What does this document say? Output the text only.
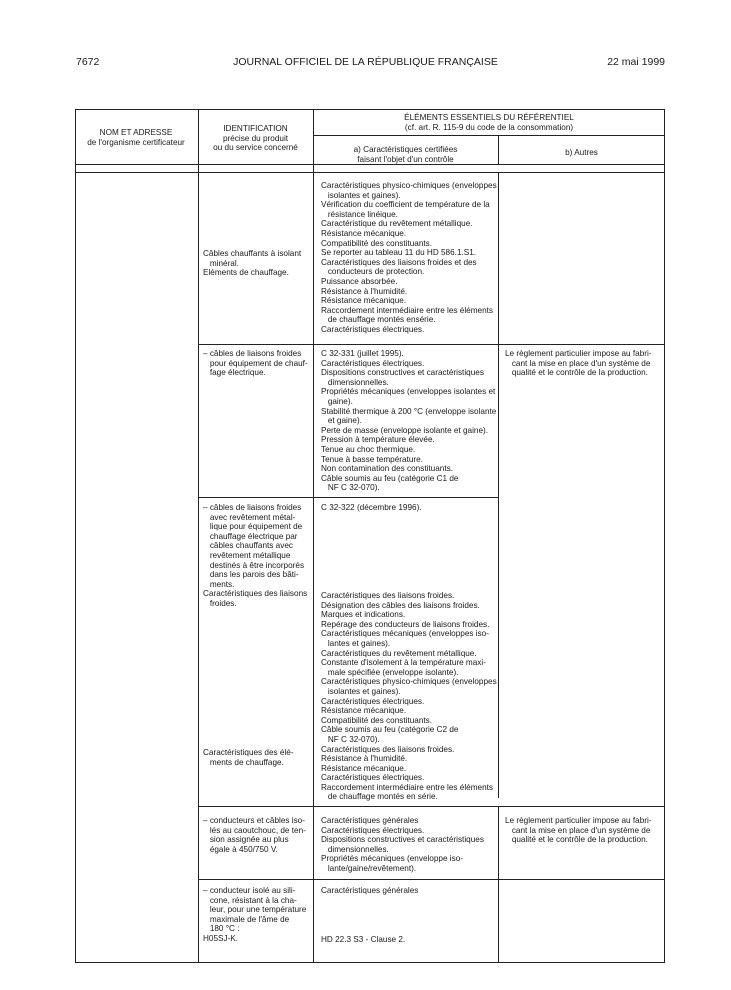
7672	JOURNAL OFFICIEL DE LA RÉPUBLIQUE FRANÇAISE	22 mai 1999
NOM ET ADRESSE
de l'organisme certificateur
IDENTIFICATION
précise du produit
ou du service concerné
ÉLÉMENTS ESSENTIELS DU RÉFÉRENTIEL
(cf. art. R. 115-9 du code de la consommation)
a) Caractéristiques certifiées
faisant l'objet d'un contrôle
b) Autres
Câbles chauffants à isolant
minéral.
Eléments de chauffage.
Caractéristiques physico-chimiques (enveloppes
isolantes et gaines).
Vérification du coefficient de température de la
résistance linéique.
Caractéristique du revêtement métallique.
Résistance mécanique.
Compatibilité des constituants.
Se reporter au tableau 11 du HD 586.1.S1.
Caractéristiques des liaisons froides et des
conducteurs de protection.
Puissance absorbée.
Résistance à l'humidité.
Résistance mécanique.
Raccordement intermédiaire entre les éléments
de chauffage montés ensérie.
Caractéristiques électriques.
– câbles de liaisons froides
pour équipement de chauf-
fage électrique.
C 32-331 (juillet 1995).
Caractéristiques électriques.
Dispositions constructives et caractéristiques
dimensionnelles.
Propriétés mécaniques (enveloppes isolantes et
gaine).
Stabilité thermique à 200 °C (enveloppe isolante
et gaine).
Perte de masse (enveloppe isolante et gaine).
Pression à température élevée.
Tenue au choc thermique.
Tenue à basse température.
Non contamination des constituants.
Câble soumis au feu (catégorie C1 de
NF C 32-070).
Le règlement particulier impose au fabri-
cant la mise en place d'un système de
qualité et le contrôle de la production.
– câbles de liaisons froides
avec revêtement métal-
lique pour équipement de
chauffage électrique par
câbles chauffants avec
revêtement métallique
destinés à être incorporés
dans les parois des bâti-
ments.
Caractéristiques des liaisons
froides.
Caractéristiques des élé-
ments de chauffage.
C 32-322 (décembre 1996).
Caractéristiques des liaisons froides.
Désignation des câbles des liaisons froides.
Marques et indications.
Repérage des conducteurs de liaisons froides.
Caractéristiques mécaniques (enveloppes iso-
lantes et gaines).
Caractéristiques du revêtement métallique.
Constante d'isolement à la température maxi-
male spécifiée (enveloppe isolante).
Caractéristiques physico-chimiques (enveloppes
isolantes et gaines).
Caractéristiques électriques.
Résistance mécanique.
Compatibilité des constituants.
Câble soumis au feu (catégorie C2 de
NF C 32-070).
Caractéristiques des liaisons froides.
Résistance à l'humidité.
Résistance mécanique.
Caractéristiques électriques.
Raccordement intermédiaire entre les éléments
de chauffage montés en série.
– conducteurs et câbles iso-
lés au caoutchouc, de ten-
sion assignée au plus
égale à 450/750 V.
Caractéristiques générales
Caractéristiques électriques.
Dispositions constructives et caractéristiques
dimensionnelles.
Propriétés mécaniques (enveloppe iso-
lante/gaine/revêtement).
Le règlement particulier impose au fabri-
cant la mise en place d'un système de
qualité et le contrôle de la production.
– conducteur isolé au sili-
cone, résistant à la cha-
leur, pour une température
maximale de l'âme de
180 °C :
H05SJ-K.
Caractéristiques générales
HD 22.3 S3 - Clause 2.
